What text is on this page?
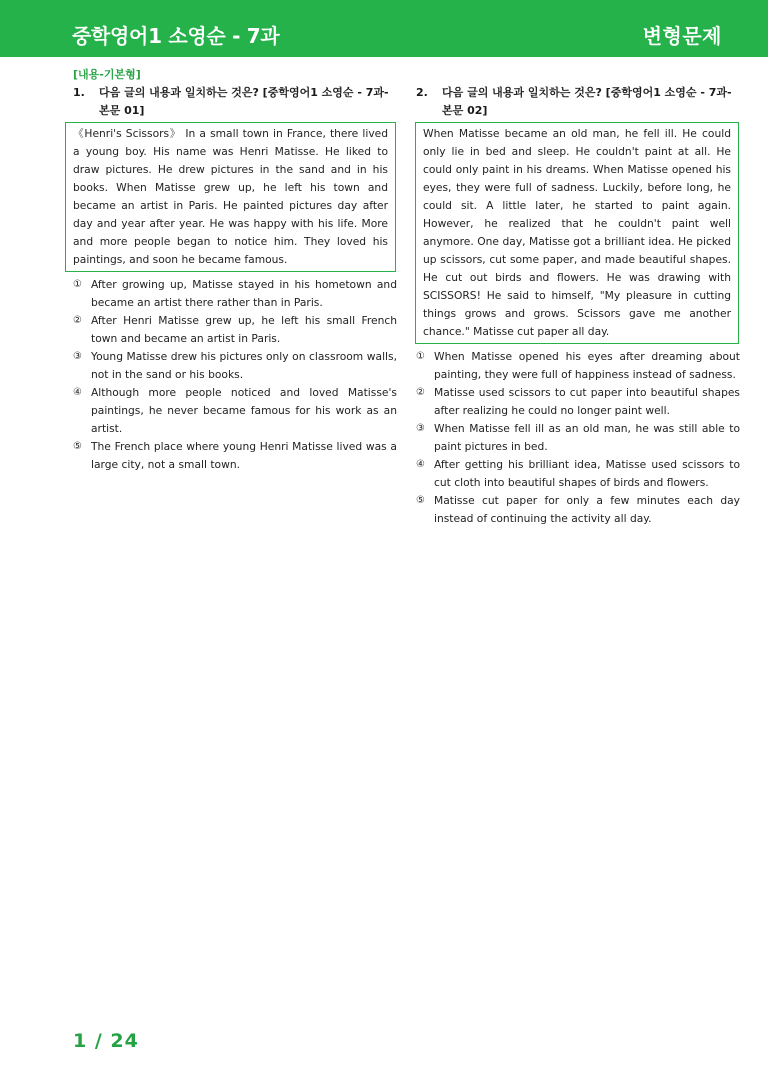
중학영어1 소영순 - 7과	변형문제
[내용-기본형]
1.	다음 글의 내용과 일치하는 것은? [중학영어1 소영순 - 7과-본문 01]
《Henri's Scissors》 In a small town in France, there lived a young boy. His name was Henri Matisse. He liked to draw pictures. He drew pictures in the sand and in his books. When Matisse grew up, he left his town and became an artist in Paris. He painted pictures day after day and year after year. He was happy with his life. More and more people began to notice him. They loved his paintings, and soon he became famous.
① After growing up, Matisse stayed in his hometown and became an artist there rather than in Paris.
② After Henri Matisse grew up, he left his small French town and became an artist in Paris.
③ Young Matisse drew his pictures only on classroom walls, not in the sand or his books.
④ Although more people noticed and loved Matisse's paintings, he never became famous for his work as an artist.
⑤ The French place where young Henri Matisse lived was a large city, not a small town.
2.	다음 글의 내용과 일치하는 것은? [중학영어1 소영순 - 7과-본문 02]
When Matisse became an old man, he fell ill. He could only lie in bed and sleep. He couldn't paint at all. He could only paint in his dreams. When Matisse opened his eyes, they were full of sadness. Luckily, before long, he could sit. A little later, he started to paint again. However, he realized that he couldn't paint well anymore. One day, Matisse got a brilliant idea. He picked up scissors, cut some paper, and made beautiful shapes. He cut out birds and flowers. He was drawing with SCISSORS! He said to himself, "My pleasure in cutting things grows and grows. Scissors gave me another chance." Matisse cut paper all day.
① When Matisse opened his eyes after dreaming about painting, they were full of happiness instead of sadness.
② Matisse used scissors to cut paper into beautiful shapes after realizing he could no longer paint well.
③ When Matisse fell ill as an old man, he was still able to paint pictures in bed.
④ After getting his brilliant idea, Matisse used scissors to cut cloth into beautiful shapes of birds and flowers.
⑤ Matisse cut paper for only a few minutes each day instead of continuing the activity all day.
1 / 24
